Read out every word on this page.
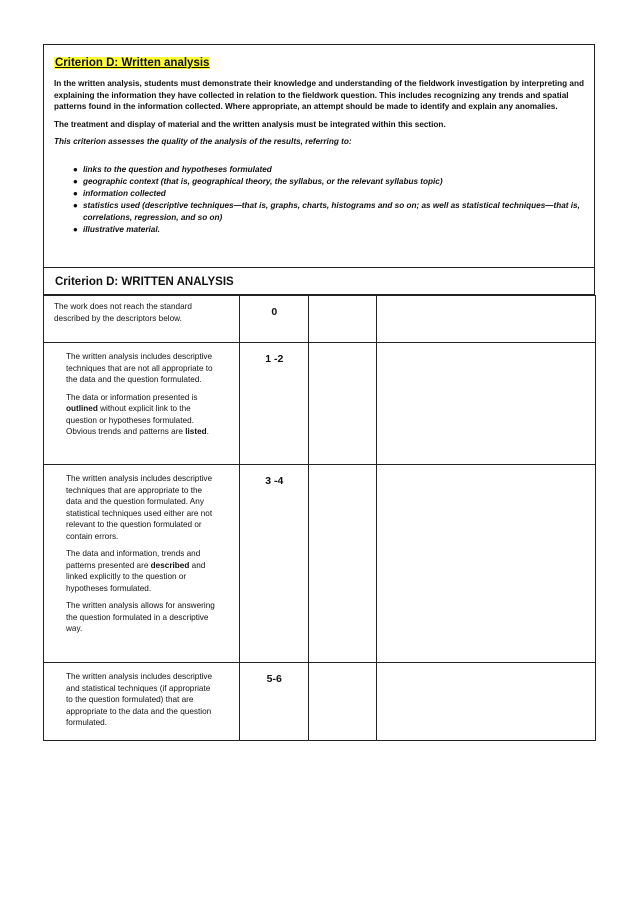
Criterion D: Written analysis

In the written analysis, students must demonstrate their knowledge and understanding of the fieldwork investigation by interpreting and explaining the information they have collected in relation to the fieldwork question. This includes recognizing any trends and spatial patterns found in the information collected. Where appropriate, an attempt should be made to identify and explain any anomalies.

The treatment and display of material and the written analysis must be integrated within this section.

This criterion assesses the quality of the analysis of the results, referring to:

● links to the question and hypotheses formulated
● geographic context (that is, geographical theory, the syllabus, or the relevant syllabus topic)
● information collected
● statistics used (descriptive techniques—that is, graphs, charts, histograms and so on; as well as statistical techniques—that is, correlations, regression, and so on)
● illustrative material.
Criterion D: WRITTEN ANALYSIS
The work does not reach the standard described by the descriptors below.	0		

The written analysis includes descriptive techniques that are not all appropriate to the data and the question formulated.
The data or information presented is outlined without explicit link to the question or hypotheses formulated. Obvious trends and patterns are listed.	1 -2		

The written analysis includes descriptive techniques that are appropriate to the data and the question formulated. Any statistical techniques used either are not relevant to the question formulated or contain errors.
The data and information, trends and patterns presented are described and linked explicitly to the question or hypotheses formulated.
The written analysis allows for answering the question formulated in a descriptive way.	3 -4		

The written analysis includes descriptive and statistical techniques (if appropriate to the question formulated) that are appropriate to the data and the question formulated.	5-6		
